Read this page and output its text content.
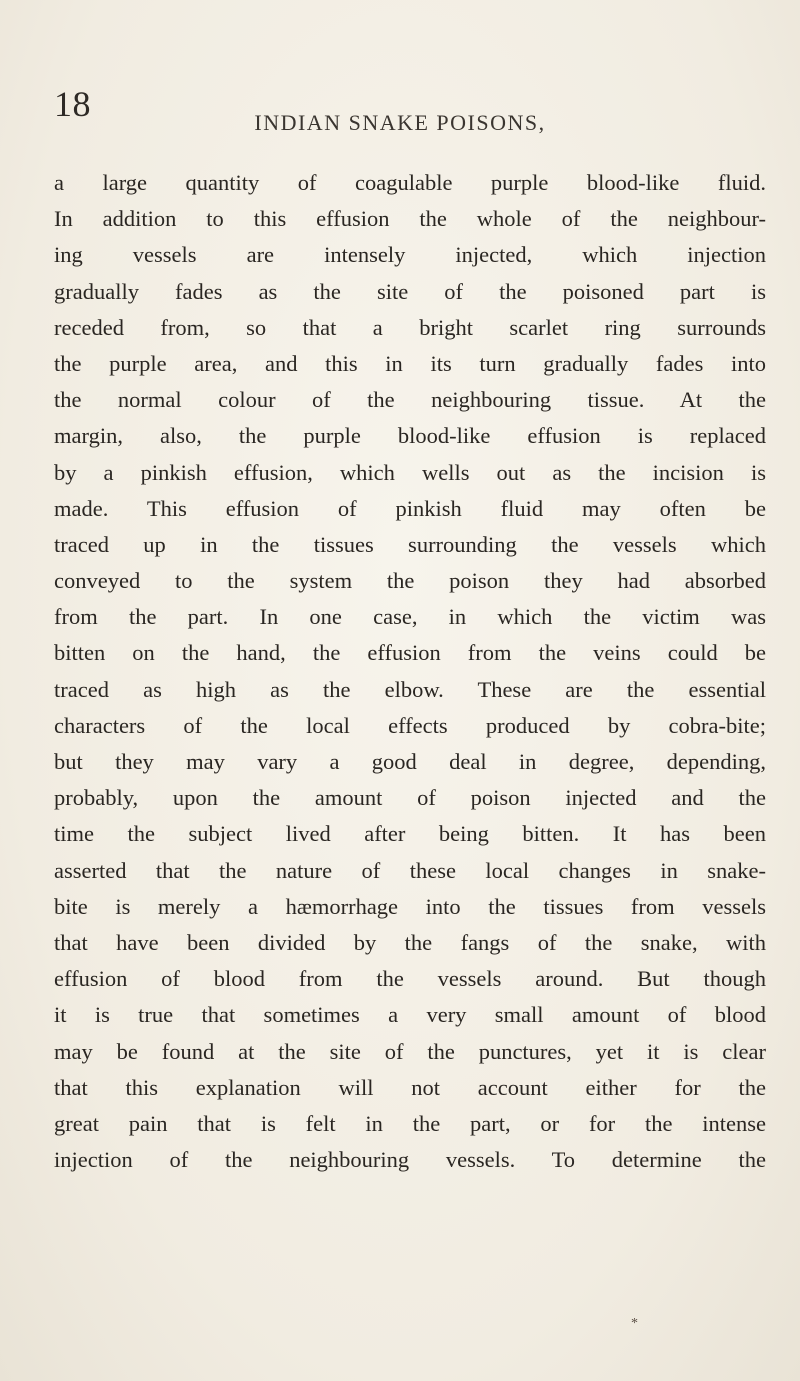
18	INDIAN SNAKE POISONS,
a large quantity of coagulable purple blood-like fluid.
In addition to this effusion the whole of the neighbour-
ing vessels are intensely injected, which injection
gradually fades as the site of the poisoned part is
receded from, so that a bright scarlet ring surrounds
the purple area, and this in its turn gradually fades into
the normal colour of the neighbouring tissue. At the
margin, also, the purple blood-like effusion is replaced
by a pinkish effusion, which wells out as the incision is
made. This effusion of pinkish fluid may often be
traced up in the tissues surrounding the vessels which
conveyed to the system the poison they had absorbed
from the part. In one case, in which the victim was
bitten on the hand, the effusion from the veins could be
traced as high as the elbow. These are the essential
characters of the local effects produced by cobra-bite;
but they may vary a good deal in degree, depending,
probably, upon the amount of poison injected and the
time the subject lived after being bitten. It has been
asserted that the nature of these local changes in snake-
bite is merely a hæmorrhage into the tissues from vessels
that have been divided by the fangs of the snake, with
effusion of blood from the vessels around. But though
it is true that sometimes a very small amount of blood
may be found at the site of the punctures, yet it is clear
that this explanation will not account either for the
great pain that is felt in the part, or for the intense
injection of the neighbouring vessels. To determine the
*
